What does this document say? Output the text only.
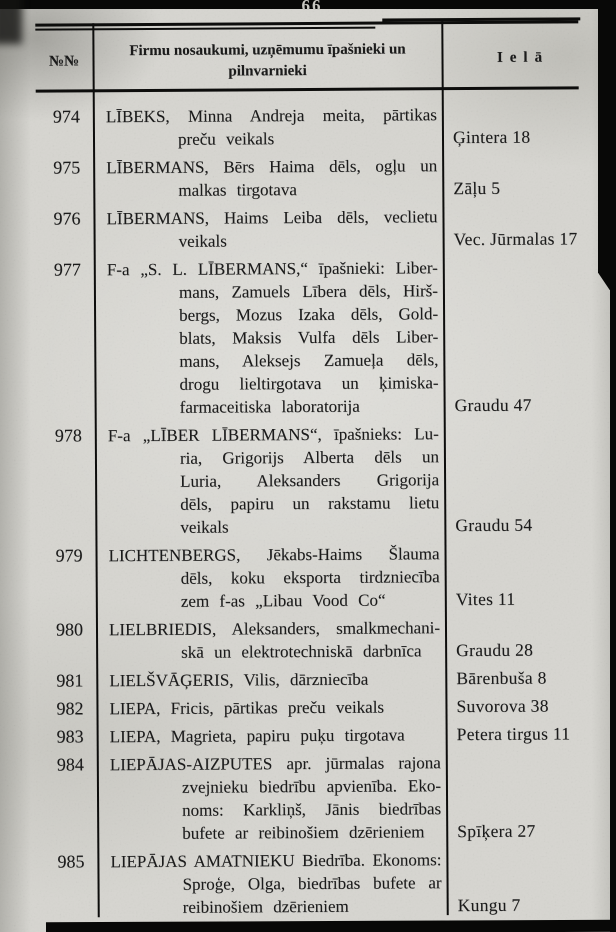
№№
Firmu nosaukumi, uzņēmumu īpašnieki un
pilnvarnieki
Ielā
974	LĪBEKS, Minna Andreja meita, pārtikas
preču veikals	Ģintera 18
975	LĪBERMANS, Bērs Haima dēls, ogļu un
malkas tirgotava	Zāļu 5
976	LĪBERMANS, Haims Leiba dēls, veclietu
veikals	Vec. Jūrmalas 17
977	F-a „S. L. LĪBERMANS,“ īpašnieki: Liber-
mans, Zamuels Lībera dēls, Hirš-
bergs, Mozus Izaka dēls, Gold-
blats, Maksis Vulfa dēls Liber-
mans, Aleksejs Zamueļa dēls,
drogu lieltirgotava un ķimiska-
farmaceitiska laboratorija	Graudu 47
978	F-a „LĪBER LĪBERMANS“, īpašnieks: Lu-
ria, Grigorijs Alberta dēls un
Luria, Aleksanders Grigorija
dēls, papiru un rakstamu lietu
veikals	Graudu 54
979	LICHTENBERGS, Jēkabs-Haims Šlauma
dēls, koku eksporta tirdzniecība
zem f-as „Libau Vood Co“	Vites 11
980	LIELBRIEDIS, Aleksanders, smalkmechani-
skā un elektrotechniskā darbnīca	Graudu 28
981	LIELŠVĀĢERIS, Vilis, dārzniecība	Bārenbuša 8
982	LIEPA, Fricis, pārtikas preču veikals	Suvorova 38
983	LIEPA, Magrieta, papiru puķu tirgotava	Petera tirgus 11
984	LIEPĀJAS-AIZPUTES apr. jūrmalas rajona
zvejnieku biedrību apvienība. Eko-
noms: Karkliņš, Jānis biedrības
bufete ar reibinošiem dzērieniem	Spīķera 27
985	LIEPĀJAS AMATNIEKU Biedrība. Ekonoms:
Sproģe, Olga, biedrības bufete ar
reibinošiem dzērieniem	Kungu 7
66
